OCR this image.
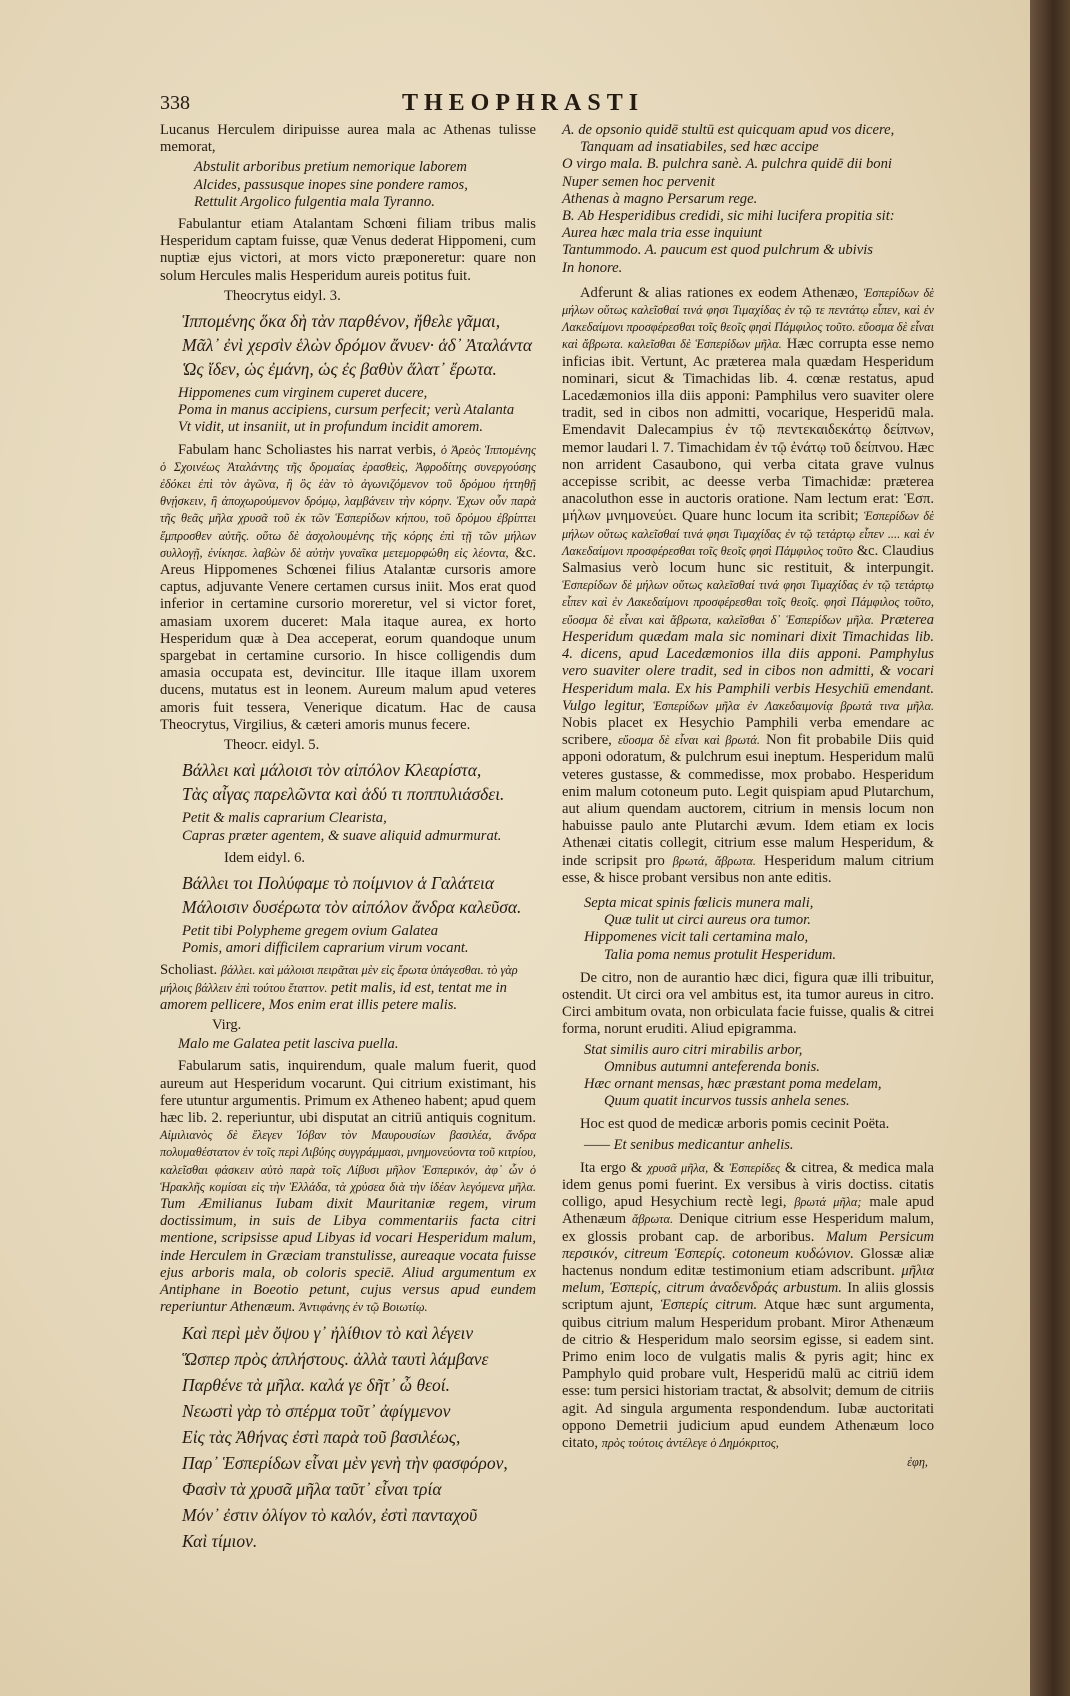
338	THEOPHRASTI
Lucanus Herculem diripuisse aurea mala ac Athenas tulisse memorat,
Abstulit arboribus pretium nemorique laborem
Alcides, passusque inopes sine pondere ramos,
Rettulit Argolico fulgentia mala Tyranno.
Fabulantur etiam Atalantam Schœni filiam tribus malis Hesperidum captam fuisse, quæ Venus dederat Hippomeni, cum nuptiæ ejus victori, at mors victo præponeretur: quare non solum Hercules malis Hesperidum aureis potitus fuit.
Theocrytus eidyl. 3.
Ἱππομένης ὅκα δὴ τὰν παρθένον, ἤθελε γᾶμαι,
Μᾶλ᾽ ἐνὶ χερσὶν ἑλὼν δρόμον ἄνυεν· ἁδ᾽ Ἀταλάντα
Ὡς ἴδεν, ὡς ἐμάνη, ὡς ἐς βαθὺν ἅλατ᾽ ἔρωτα.
Hippomenes cum virginem cuperet ducere,
Poma in manus accipiens, cursum perfecit; verù Atalanta
Vt vidit, ut insaniit, ut in profundum incidit amorem.
Fabulam hanc Scholiastes his narrat verbis, ὁ Ἀρεὸς Ἱππομένης ὁ Σχοινέως Ἀταλάντης τῆς δρομαίας ἐρασθεὶς, Ἀφροδίτης συνεργούσης ἐδόκει ἐπὶ τὸν ἀγῶνα, ἢ ὃς ἐὰν τὸ ἀγωνιζόμενον τοῦ δρόμου ἡττηθῇ θνῄσκειν, ἢ ἀποχωρούμενον δρόμῳ, λαμβάνειν τὴν κόρην. Ἐχων οὖν παρὰ τῆς θεᾶς μῆλα χρυσᾶ τοῦ ἐκ τῶν Ἑσπερίδων κήπου, τοῦ δρόμου ἐβρίπτει ἔμπροσθεν αὐτῆς. οὕτω δὲ ἀσχολουμένης τῆς κόρης ἐπὶ τῇ τῶν μήλων συλλογῇ, ἐνίκησε. λαβὼν δὲ αὐτὴν γυναῖκα μετεμορφώθη εἰς λέοντα, &c. Areus Hippomenes Schœnei filius Atalantæ cursoris amore captus, adjuvante Venere certamen cursus iniit. Mos erat quod inferior in certamine cursorio moreretur, vel si victor foret, amasiam uxorem duceret: Mala itaque aurea, ex horto Hesperidum quæ à Dea acceperat, eorum quandoque unum spargebat in certamine cursorio. In hisce colligendis dum amasia occupata est, devincitur. Ille itaque illam uxorem ducens, mutatus est in leonem. Aureum malum apud veteres amoris fuit tessera, Venerique dicatum. Hac de causa Theocrytus, Virgilius, & cæteri amoris munus fecere.
Theocr. eidyl. 5.
Βάλλει καὶ μάλοισι τὸν αἰπόλον Κλεαρίστα,
Τὰς αἶγας παρελῶντα καὶ ἁδύ τι ποππυλιάσδει.
Petit & malis caprarium Clearista,
Capras præter agentem, & suave aliquid admurmurat.
Idem eidyl. 6.
Βάλλει τοι Πολύφαμε τὸ ποίμνιον ἁ Γαλάτεια
Μάλοισιν δυσέρωτα τὸν αἰπόλον ἄνδρα καλεῦσα.
Petit tibi Polypheme gregem ovium Galatea
Pomis, amori difficilem caprarium virum vocant.
Scholiast. βάλλει. καὶ μάλοισι πειρᾶται μὲν εἰς ἔρωτα ὑπάγεσθαι. τὸ γὰρ μήλοις βάλλειν ἐπὶ τούτου ἔταττον. petit malis, id est, tentat me in amorem pellicere, Mos enim erat illis petere malis.
Virg.
Malo me Galatea petit lasciva puella.
Fabularum satis, inquirendum, quale malum fuerit, quod aureum aut Hesperidum vocarunt. Qui citrium existimant, his fere utuntur argumentis. Primum ex Atheneo habent; apud quem hæc lib. 2. reperiuntur, ubi disputat an citriū antiquis cognitum. Αἰμιλιανὸς δὲ ἔλεγεν Ἰόβαν τὸν Μαυρουσίων βασιλέα, ἄνδρα πολυμαθέστατον ἐν τοῖς περὶ Λιβύης συγγράμμασι, μνημονεύοντα τοῦ κιτρίου, καλεῖσθαι φάσκειν αὐτὸ παρὰ τοῖς Λίβυσι μῆλον Ἑσπερικόν, ἀφ᾽ ὧν ὁ Ἡρακλῆς κομίσαι εἰς τὴν Ἑλλάδα, τὰ χρύσεα διὰ τὴν ἰδέαν λεγόμενα μῆλα. Tum Æmilianus Iubam dixit Mauritaniæ regem, virum doctissimum, in suis de Libya commentariis facta citri mentione, scripsisse apud Libyas id vocari Hesperidum malum, inde Herculem in Græciam transtulisse, aureaque vocata fuisse ejus arboris mala, ob coloris speciē. Aliud argumentum ex Antiphane in Boeotio petunt, cujus versus apud eundem reperiuntur Athenæum. Ἀντιφάνης ἐν τῷ Βοιωτίῳ.
Καὶ περὶ μὲν ὄψου γ᾽ ἠλίθιον τὸ καὶ λέγειν
Ὥσπερ πρὸς ἀπλήστους. ἀλλὰ ταυτὶ λάμβανε
Παρθένε τὰ μῆλα. καλά γε δῆτ᾽ ὦ θεοί.
Νεωστὶ γὰρ τὸ σπέρμα τοῦτ᾽ ἀφίγμενον
Εἰς τὰς Ἀθήνας ἐστὶ παρὰ τοῦ βασιλέως,
Παρ᾽ Ἑσπερίδων εἶναι μὲν γενὴ τὴν φασφόρον,
Φασὶν τὰ χρυσᾶ μῆλα ταῦτ᾽ εἶναι τρία
Μόν᾽ ἐστιν ὀλίγον τὸ καλόν, ἐστὶ πανταχοῦ
Καὶ τίμιον.
A. de opsonio quidē stultū est quicquam apud vos dicere,
Tanquam ad insatiabiles, sed hæc accipe
O virgo mala. B. pulchra sanè. A. pulchra quidē dii boni
Nuper semen hoc pervenit
Athenas à magno Persarum rege.
B. Ab Hesperidibus credidi, sic mihi lucifera propitia sit:
Aurea hæc mala tria esse inquiunt
Tantummodo. A. paucum est quod pulchrum & ubivis
In honore.
Adferunt & alias rationes ex eodem Athenæo, Ἑσπερίδων δὲ μήλων οὕτως καλεῖσθαί τινά φησι Τιμαχίδας ἐν τῷ τε πεντάτῳ εἶπεν, καὶ ἐν Λακεδαίμονι προσφέρεσθαι τοῖς θεοῖς φησὶ Πάμφιλος τοῦτο. εὔοσμα δὲ εἶναι καὶ ἄβρωτα. καλεῖσθαι δὲ Ἑσπερίδων μῆλα. Hæc corrupta esse nemo inficias ibit. Vertunt, Ac præterea mala quædam Hesperidum nominari, sicut & Timachidas lib. 4. cœnæ restatus, apud Lacedæmonios illa diis apponi: Pamphilus vero suaviter olere tradit, sed in cibos non admitti, vocarique, Hesperidū mala. Emendavit Dalecampius ἐν τῷ πεντεκαιδεκάτῳ δείπνων, memor laudari l. 7. Timachidam ἐν τῷ ἐνάτῳ τοῦ δείπνου. Hæc non arrident Casaubono, qui verba citata grave vulnus accepisse scribit, ac deesse verba Timachidæ: præterea anacoluthon esse in auctoris oratione. Nam lectum erat: Ἑσπ. μήλων μνημονεύει. Quare hunc locum ita scribit; Ἑσπερίδων δὲ μήλων οὕτως καλεῖσθαί τινά φησι Τιμαχίδας ἐν τῷ τετάρτῳ εἶπεν .... καὶ ἐν Λακεδαίμονι προσφέρεσθαι τοῖς θεοῖς φησὶ Πάμφιλος τοῦτο &c. Claudius Salmasius verò locum hunc sic restituit, & interpungit. Ἑσπερίδων δὲ μήλων οὕτως καλεῖσθαί τινά φησι Τιμαχίδας ἐν τῷ τετάρτῳ εἶπεν καὶ ἐν Λακεδαίμονι προσφέρεσθαι τοῖς θεοῖς. φησὶ Πάμφιλος τοῦτο, εὔοσμα δὲ εἶναι καὶ ἄβρωτα, καλεῖσθαι δ᾽ Ἑσπερίδων μῆλα. Præterea Hesperidum quædam mala sic nominari dixit Timachidas lib. 4. dicens, apud Lacedæmonios illa diis apponi. Pamphylus vero suaviter olere tradit, sed in cibos non admitti, & vocari Hesperidum mala. Ex his Pamphili verbis Hesychiū emendant. Vulgo legitur, Ἑσπερίδων μῆλα ἐν Λακεδαιμονίᾳ βρωτά τινα μῆλα. Nobis placet ex Hesychio Pamphili verba emendare ac scribere, εὔοσμα δὲ εἶναι καὶ βρωτά. Non fit probabile Diis quid apponi odoratum, & pulchrum esui ineptum. Hesperidum malū veteres gustasse, & commedisse, mox probabo. Hesperidum enim malum cotoneum puto. Legit quispiam apud Plutarchum, aut alium quendam auctorem, citrium in mensis locum non habuisse paulo ante Plutarchi ævum. Idem etiam ex locis Athenæi citatis collegit, citrium esse malum Hesperidum, & inde scripsit pro βρωτά, ἄβρωτα. Hesperidum malum citrium esse, & hisce probant versibus non ante editis.
Septa micat spinis fœlicis munera mali,
Quæ tulit ut circi aureus ora tumor.
Hippomenes vicit tali certamina malo,
Talia poma nemus protulit Hesperidum.
De citro, non de aurantio hæc dici, figura quæ illi tribuitur, ostendit. Ut circi ora vel ambitus est, ita tumor aureus in citro. Circi ambitum ovata, non orbiculata facie fuisse, qualis & citrei forma, norunt eruditi. Aliud epigramma.
Stat similis auro citri mirabilis arbor,
Omnibus autumni anteferenda bonis.
Hæc ornant mensas, hæc præstant poma medelam,
Quum quatit incurvos tussis anhela senes.
Hoc est quod de medicæ arboris pomis cecinit Poëta.
—— Et senibus medicantur anhelis.
Ita ergo & χρυσᾶ μῆλα, & Ἑσπερίδες & citrea, & medica mala idem genus pomi fuerint. Ex versibus à viris doctiss. citatis colligo, apud Hesychium rectè legi, βρωτά μῆλα; male apud Athenæum ἄβρωτα. Denique citrium esse Hesperidum malum, ex glossis probant cap. de arboribus. Malum Persicum περσικόν, citreum Ἑσπερίς. cotoneum κυδώνιον. Glossæ aliæ hactenus nondum editæ testimonium etiam adscribunt. μῆλια melum, Ἑσπερίς, citrum ἀναδενδράς arbustum. In aliis glossis scriptum ajunt, Ἑσπερίς citrum. Atque hæc sunt argumenta, quibus citrium malum Hesperidum probant. Miror Athenæum de citrio & Hesperidum malo seorsim egisse, si eadem sint. Primo enim loco de vulgatis malis & pyris agit; hinc ex Pamphylo quid probare vult, Hesperidū malū ac citriū idem esse: tum persici historiam tractat, & absolvit; demum de citriis agit. Ad singula argumenta respondendum. Iubæ auctoritati oppono Demetrii judicium apud eundem Athenæum loco citato, πρὸς τούτοις ἀντέλεγε ὁ Δημόκριτος,
ἐφη,
